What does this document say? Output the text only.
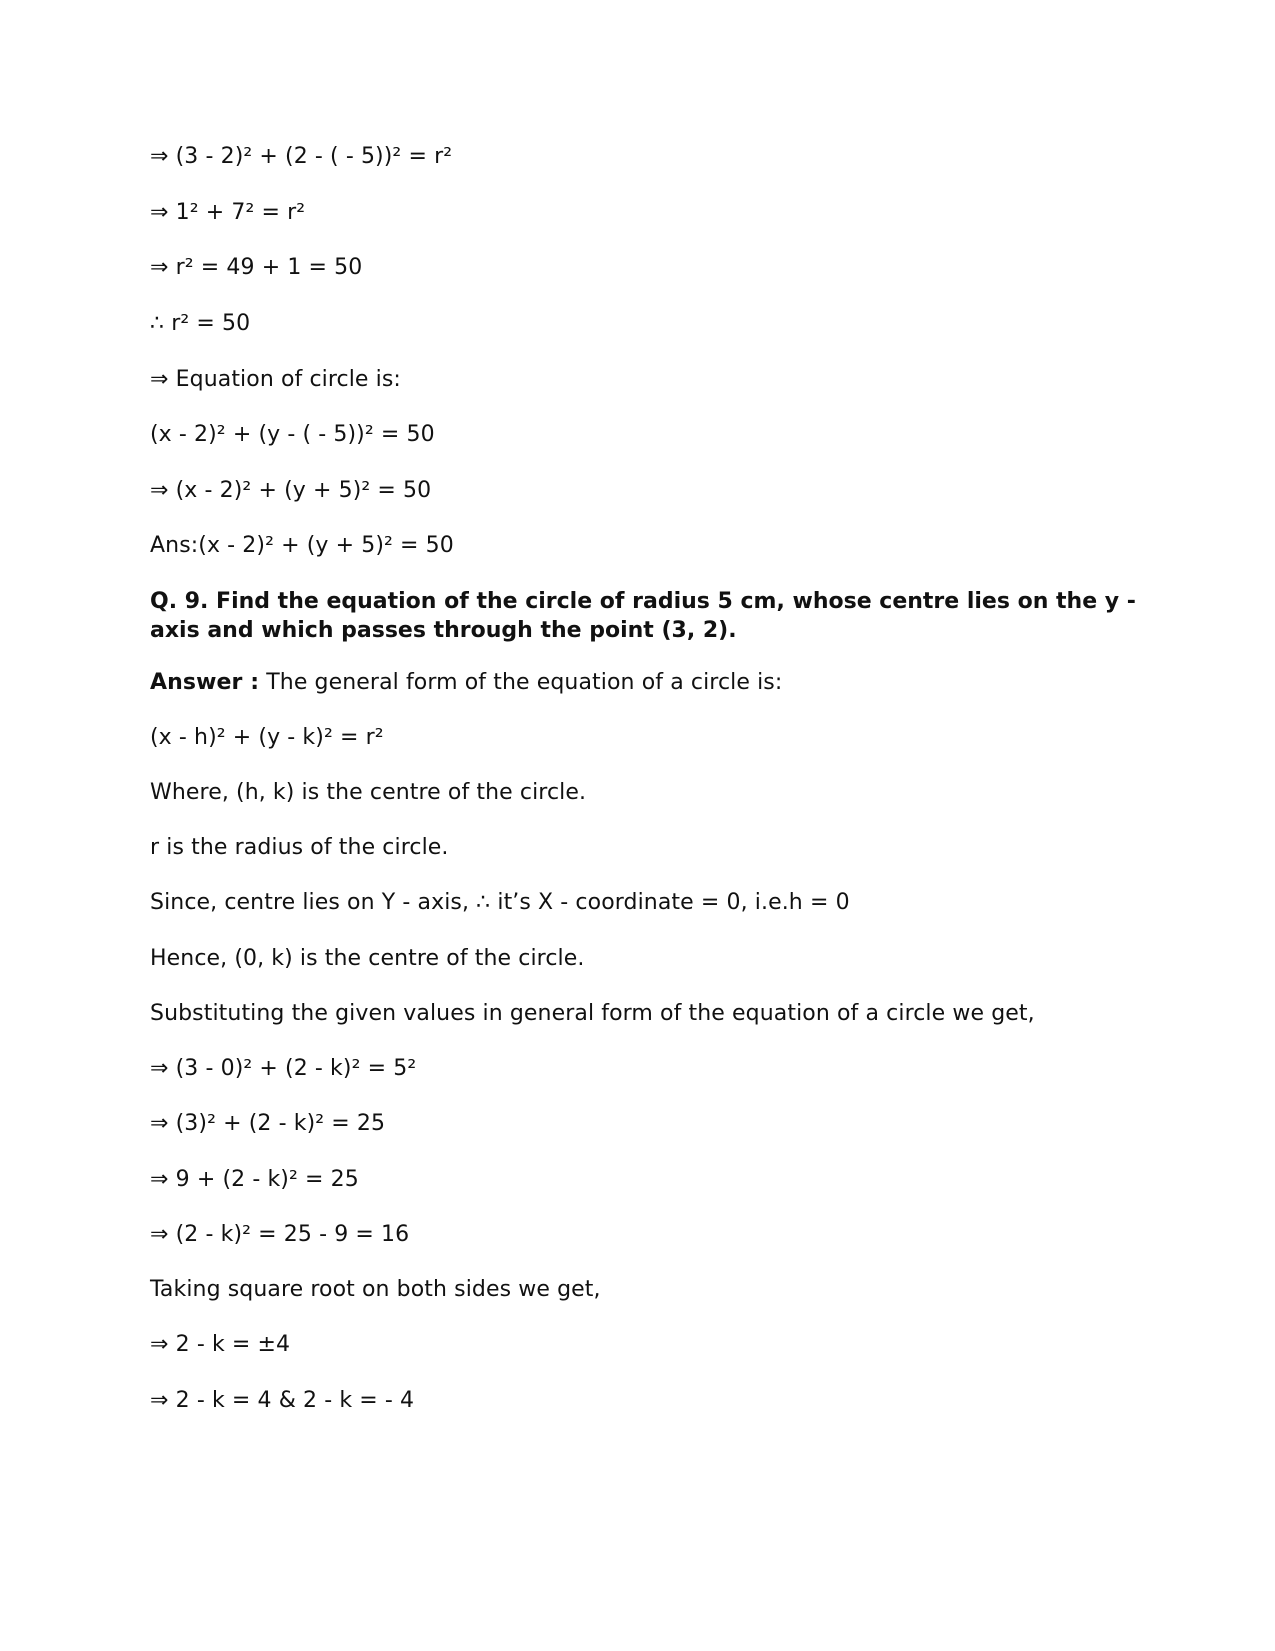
⇒ (3 - 2)² + (2 - ( - 5))² = r²
⇒ 1² + 7² = r²
⇒ r² = 49 + 1 = 50
∴ r² = 50
⇒ Equation of circle is:
(x - 2)² + (y - ( - 5))² = 50
⇒ (x - 2)² + (y + 5)² = 50
Ans:(x - 2)² + (y + 5)² = 50
Q. 9. Find the equation of the circle of radius 5 cm, whose centre lies on the y -
axis and which passes through the point (3, 2).
Answer : The general form of the equation of a circle is:
(x - h)² + (y - k)² = r²
Where, (h, k) is the centre of the circle.
r is the radius of the circle.
Since, centre lies on Y - axis, ∴ it’s X - coordinate = 0, i.e.h = 0
Hence, (0, k) is the centre of the circle.
Substituting the given values in general form of the equation of a circle we get,
⇒ (3 - 0)² + (2 - k)² = 5²
⇒ (3)² + (2 - k)² = 25
⇒ 9 + (2 - k)² = 25
⇒ (2 - k)² = 25 - 9 = 16
Taking square root on both sides we get,
⇒ 2 - k = ±4
⇒ 2 - k = 4 & 2 - k = - 4
